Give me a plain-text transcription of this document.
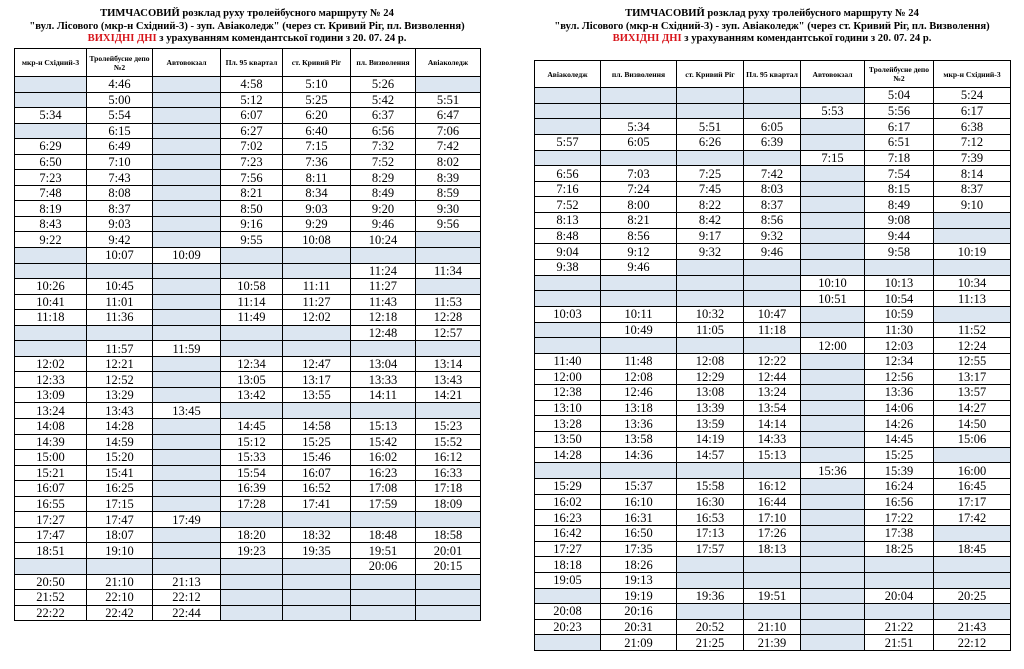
ТИМЧАСОВИЙ розклад руху тролейбусного маршруту № 24
"вул. Лісового (мкр-н Східний-3) - зуп. Авіаколедж" (через ст. Кривий Ріг, пл. Визволення)
ВИХІДНІ ДНІ з урахуванням комендантської години з 20. 07. 24 р.
мкр-н Східний-3	Тролейбусне депо №2	Автовокзал	Пл. 95 квартал	ст. Кривий Ріг	пл. Визволення	Авіаколедж
	4:46		4:58	5:10	5:26	
	5:00		5:12	5:25	5:42	5:51
5:34	5:54		6:07	6:20	6:37	6:47
	6:15		6:27	6:40	6:56	7:06
6:29	6:49		7:02	7:15	7:32	7:42
6:50	7:10		7:23	7:36	7:52	8:02
7:23	7:43		7:56	8:11	8:29	8:39
7:48	8:08		8:21	8:34	8:49	8:59
8:19	8:37		8:50	9:03	9:20	9:30
8:43	9:03		9:16	9:29	9:46	9:56
9:22	9:42		9:55	10:08	10:24	
	10:07	10:09				
					11:24	11:34
10:26	10:45		10:58	11:11	11:27	
10:41	11:01		11:14	11:27	11:43	11:53
11:18	11:36		11:49	12:02	12:18	12:28
					12:48	12:57
	11:57	11:59				
12:02	12:21		12:34	12:47	13:04	13:14
12:33	12:52		13:05	13:17	13:33	13:43
13:09	13:29		13:42	13:55	14:11	14:21
13:24	13:43	13:45				
14:08	14:28		14:45	14:58	15:13	15:23
14:39	14:59		15:12	15:25	15:42	15:52
15:00	15:20		15:33	15:46	16:02	16:12
15:21	15:41		15:54	16:07	16:23	16:33
16:07	16:25		16:39	16:52	17:08	17:18
16:55	17:15		17:28	17:41	17:59	18:09
17:27	17:47	17:49				
17:47	18:07		18:20	18:32	18:48	18:58
18:51	19:10		19:23	19:35	19:51	20:01
					20:06	20:15
20:50	21:10	21:13				
21:52	22:10	22:12				
22:22	22:42	22:44				
ТИМЧАСОВИЙ розклад руху тролейбусного маршруту № 24
"вул. Лісового (мкр-н Східний-3) - зуп. Авіаколедж" (через ст. Кривий Ріг, пл. Визволення)
ВИХІДНІ ДНІ з урахуванням комендантської години з 20. 07. 24 р.
Авіаколедж	пл. Визволення	ст. Кривий Ріг	Пл. 95 квартал	Автовокзал	Тролейбусне депо №2	мкр-н Східний-3
					5:04	5:24
				5:53	5:56	6:17
	5:34	5:51	6:05		6:17	6:38
5:57	6:05	6:26	6:39		6:51	7:12
				7:15	7:18	7:39
6:56	7:03	7:25	7:42		7:54	8:14
7:16	7:24	7:45	8:03		8:15	8:37
7:52	8:00	8:22	8:37		8:49	9:10
8:13	8:21	8:42	8:56		9:08	
8:48	8:56	9:17	9:32		9:44	
9:04	9:12	9:32	9:46		9:58	10:19
9:38	9:46					
				10:10	10:13	10:34
				10:51	10:54	11:13
10:03	10:11	10:32	10:47		10:59	
	10:49	11:05	11:18		11:30	11:52
				12:00	12:03	12:24
11:40	11:48	12:08	12:22		12:34	12:55
12:00	12:08	12:29	12:44		12:56	13:17
12:38	12:46	13:08	13:24		13:36	13:57
13:10	13:18	13:39	13:54		14:06	14:27
13:28	13:36	13:59	14:14		14:26	14:50
13:50	13:58	14:19	14:33		14:45	15:06
14:28	14:36	14:57	15:13		15:25	
				15:36	15:39	16:00
15:29	15:37	15:58	16:12		16:24	16:45
16:02	16:10	16:30	16:44		16:56	17:17
16:23	16:31	16:53	17:10		17:22	17:42
16:42	16:50	17:13	17:26		17:38	
17:27	17:35	17:57	18:13		18:25	18:45
18:18	18:26					
19:05	19:13					
	19:19	19:36	19:51		20:04	20:25
20:08	20:16					
20:23	20:31	20:52	21:10		21:22	21:43
	21:09	21:25	21:39		21:51	22:12
